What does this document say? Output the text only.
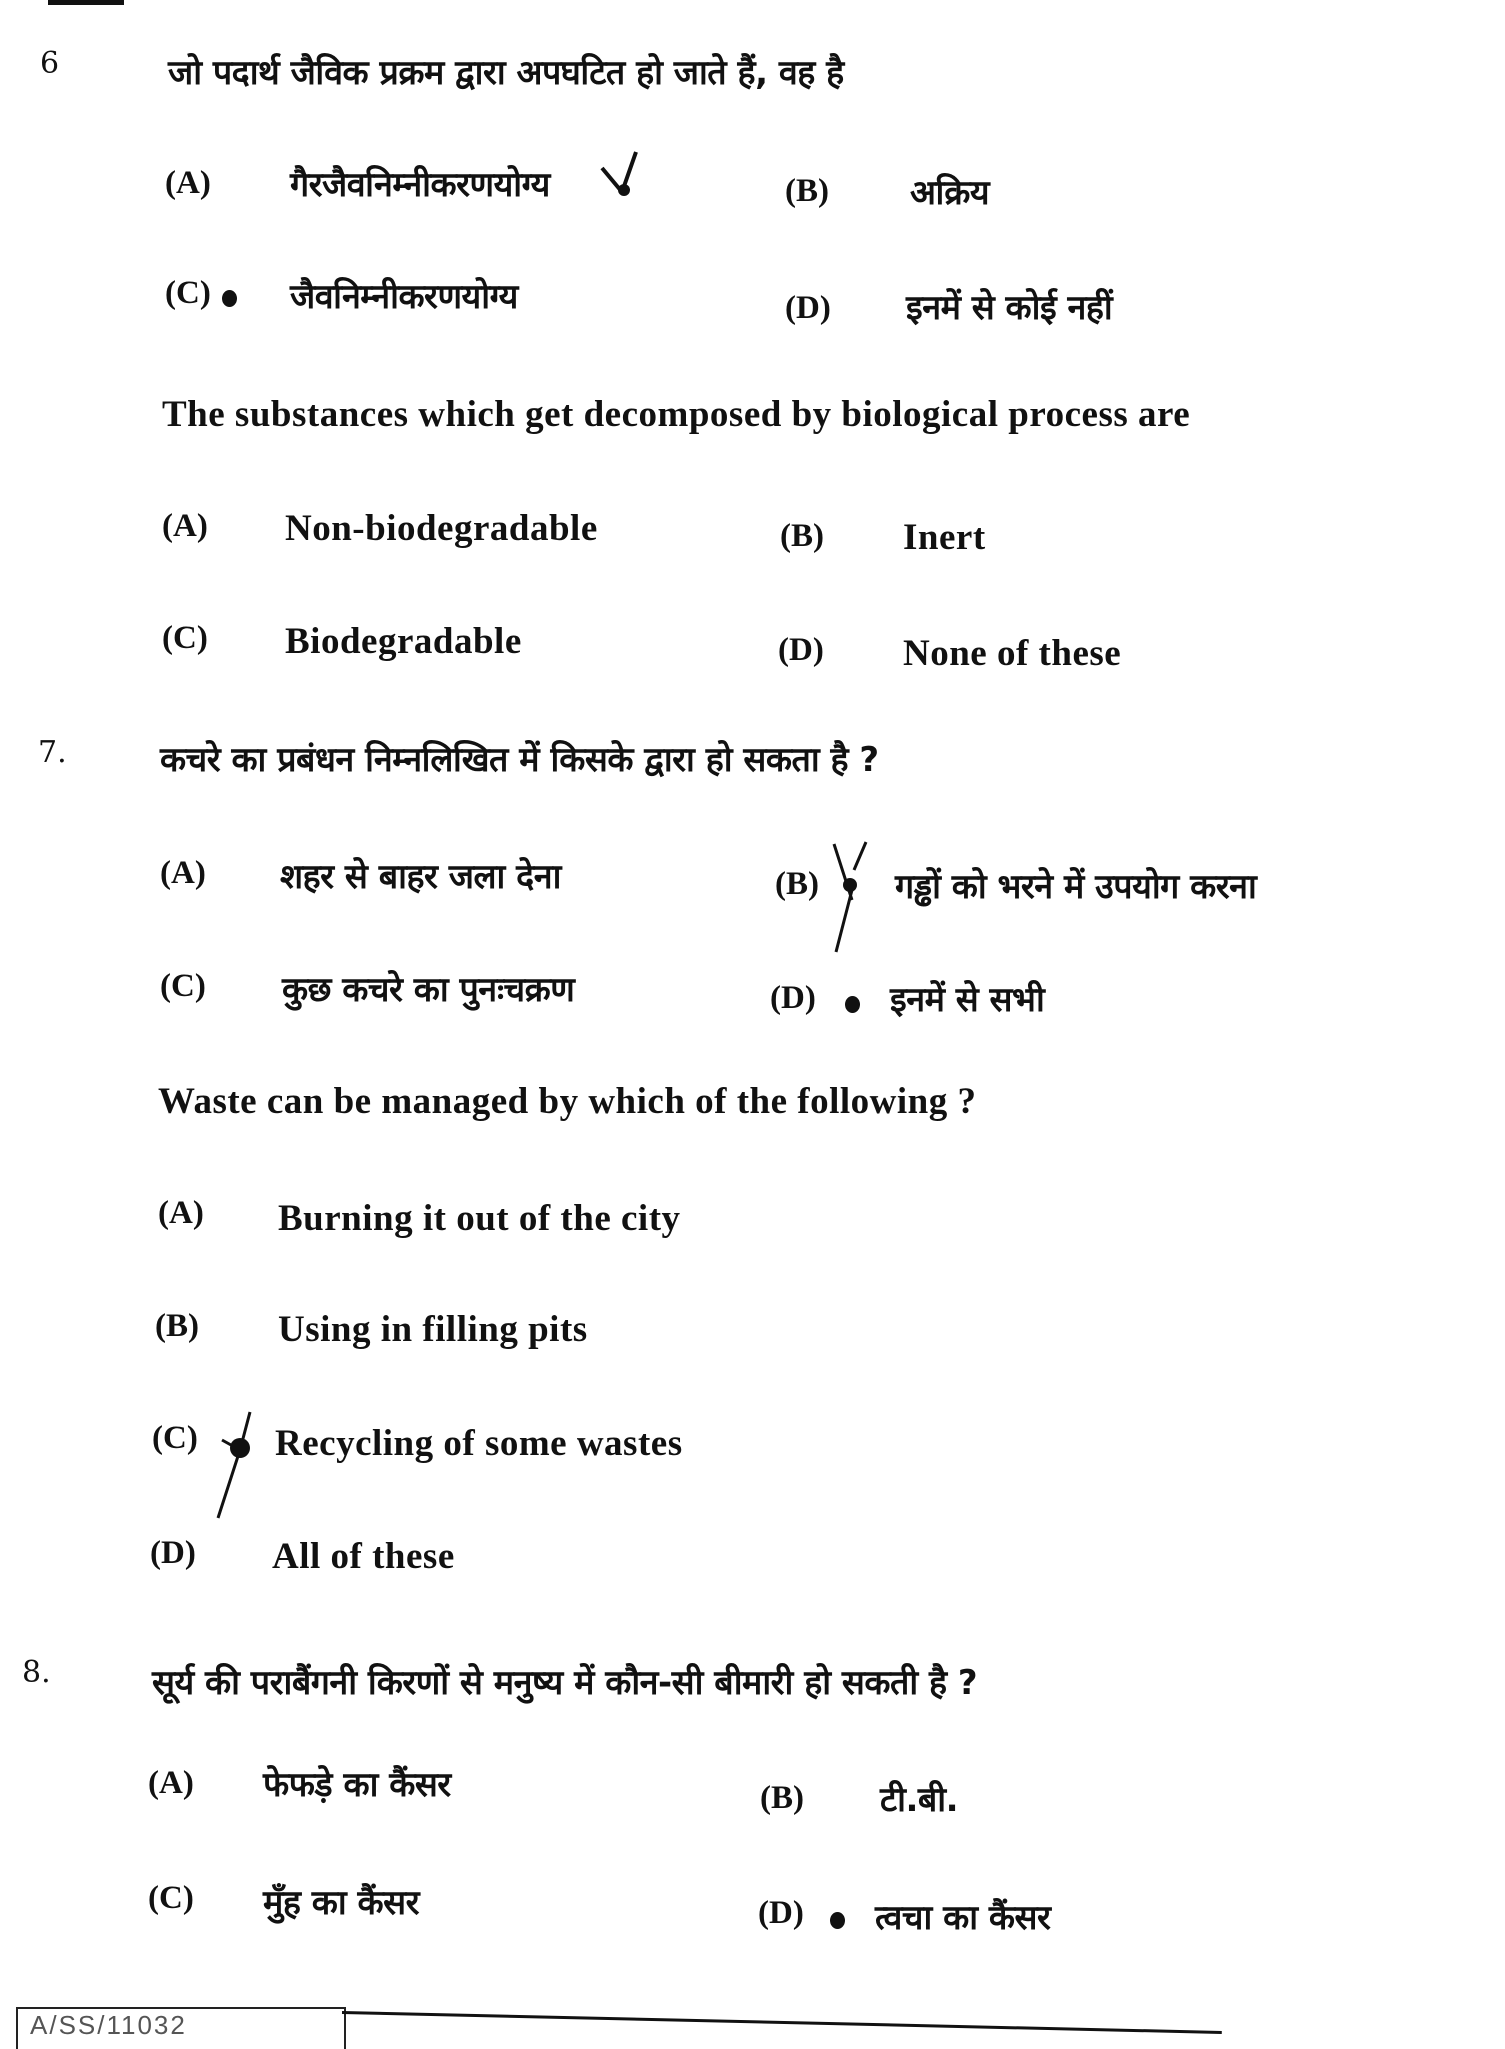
6	जो पदार्थ जैविक प्रक्रम द्वारा अपघटित हो जाते हैं, वह है
(A) गैरजैवनिम्नीकरणयोग्य	(B) अक्रिय
(C) जैवनिम्नीकरणयोग्य	(D) इनमें से कोई नहीं
The substances which get decomposed by biological process are
(A) Non-biodegradable	(B) Inert
(C) Biodegradable	(D) None of these
7.	कचरे का प्रबंधन निम्नलिखित में किसके द्वारा हो सकता है ?
(A) शहर से बाहर जला देना	(B) गड्ढों को भरने में उपयोग करना
(C) कुछ कचरे का पुनःचक्रण	(D) इनमें से सभी
Waste can be managed by which of the following ?
(A) Burning it out of the city
(B) Using in filling pits
(C) Recycling of some wastes
(D) All of these
8.	सूर्य की पराबैंगनी किरणों से मनुष्य में कौन-सी बीमारी हो सकती है ?
(A) फेफड़े का कैंसर	(B) टी.बी.
(C) मुँह का कैंसर	(D) त्वचा का कैंसर
A/SS/11032
